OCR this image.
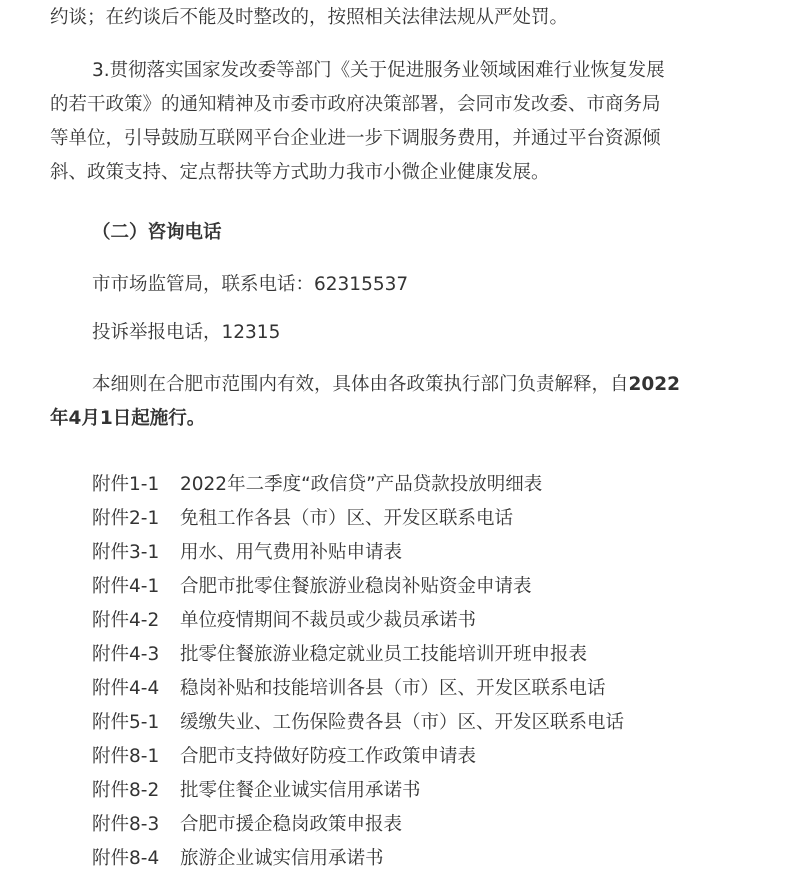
约谈；在约谈后不能及时整改的，按照相关法律法规从严处罚。
3.贯彻落实国家发改委等部门《关于促进服务业领域困难行业恢复发展
的若干政策》的通知精神及市委市政府决策部署，会同市发改委、市商务局
等单位，引导鼓励互联网平台企业进一步下调服务费用，并通过平台资源倾
斜、政策支持、定点帮扶等方式助力我市小微企业健康发展。
（二）咨询电话
市市场监管局，联系电话：62315537
投诉举报电话，12315
本细则在合肥市范围内有效，具体由各政策执行部门负责解释，自2022
年4月1日起施行。
附件1-1 2022年二季度“政信贷”产品贷款投放明细表
附件2-1 免租工作各县（市）区、开发区联系电话
附件3-1 用水、用气费用补贴申请表
附件4-1 合肥市批零住餐旅游业稳岗补贴资金申请表
附件4-2 单位疫情期间不裁员或少裁员承诺书
附件4-3 批零住餐旅游业稳定就业员工技能培训开班申报表
附件4-4 稳岗补贴和技能培训各县（市）区、开发区联系电话
附件5-1 缓缴失业、工伤保险费各县（市）区、开发区联系电话
附件8-1 合肥市支持做好防疫工作政策申请表
附件8-2 批零住餐企业诚实信用承诺书
附件8-3 合肥市援企稳岗政策申报表
附件8-4 旅游企业诚实信用承诺书
